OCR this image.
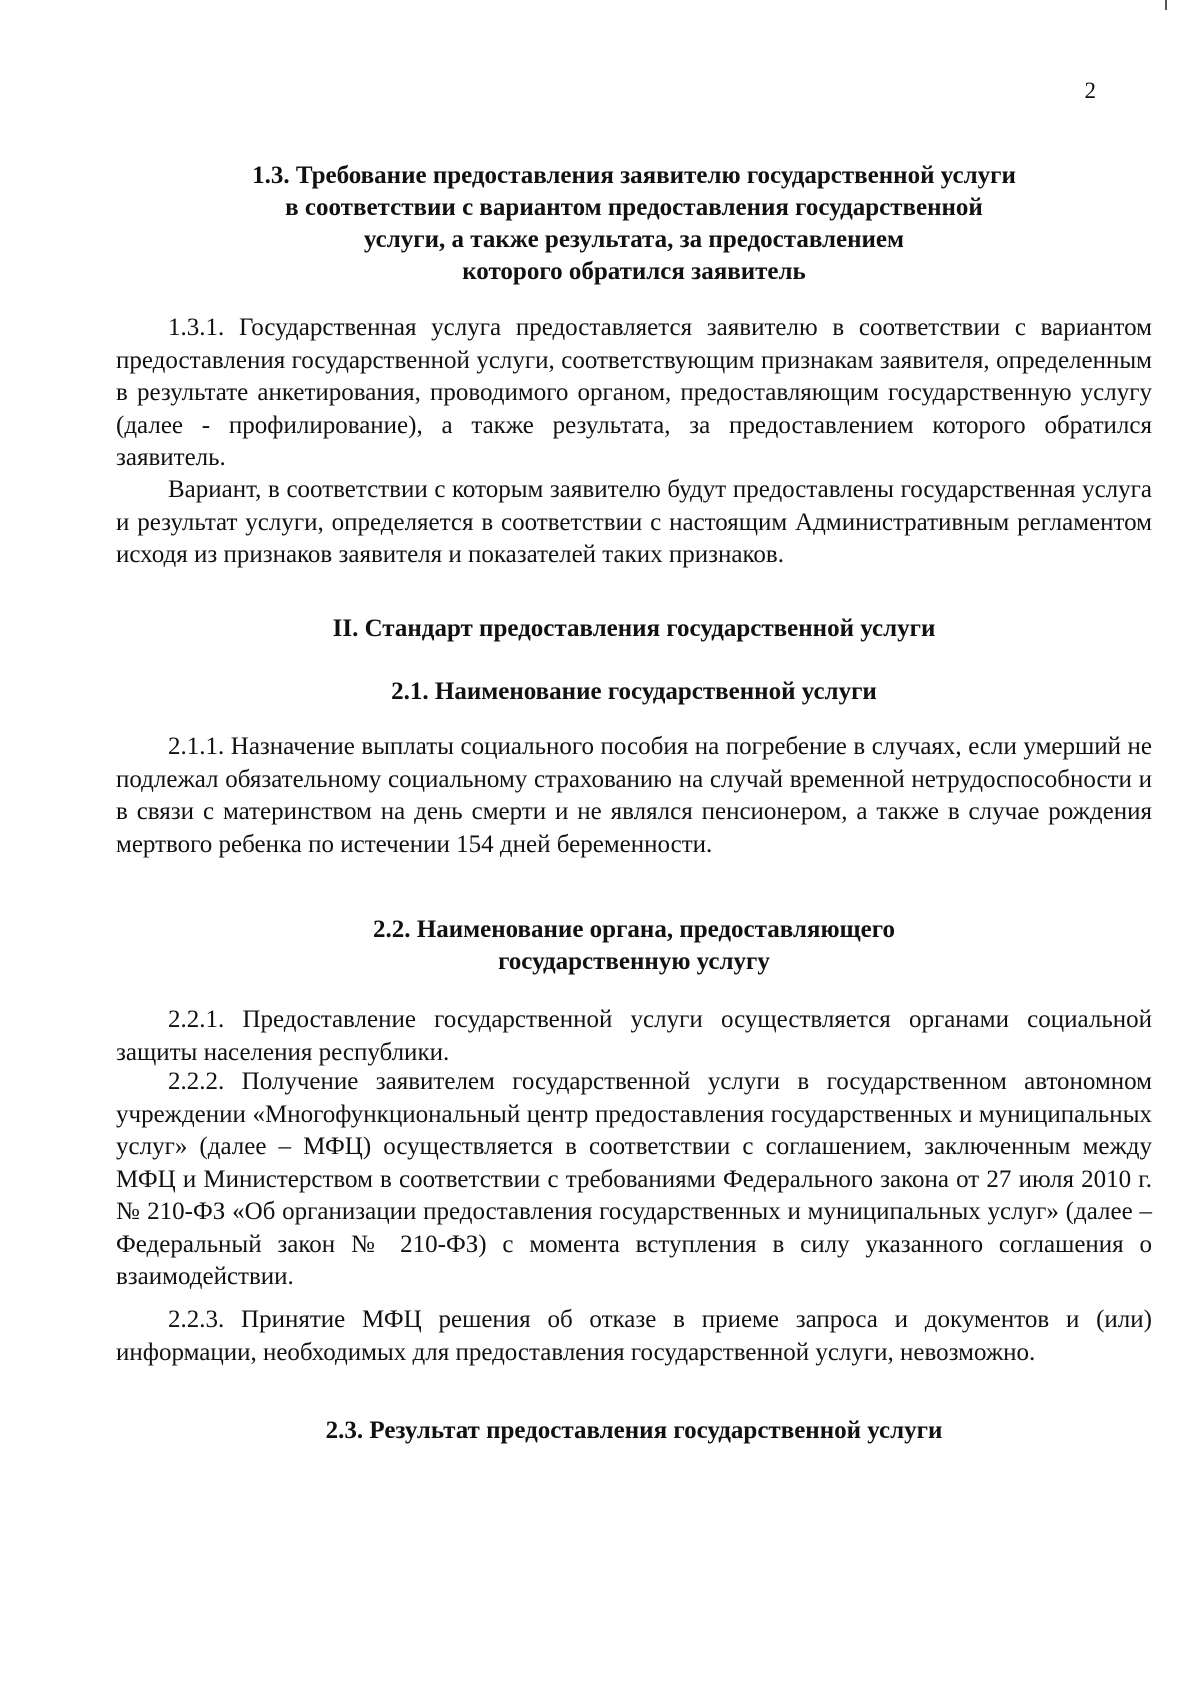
2
1.3. Требование предоставления заявителю государственной услуги
в соответствии с вариантом предоставления государственной
услуги, а также результата, за предоставлением
которого обратился заявитель

1.3.1. Государственная услуга предоставляется заявителю в соответствии с вариантом предоставления государственной услуги, соответствующим признакам заявителя, определенным в результате анкетирования, проводимого органом, предоставляющим государственную услугу (далее - профилирование), а также результата, за предоставлением которого обратился заявитель.

Вариант, в соответствии с которым заявителю будут предоставлены государственная услуга и результат услуги, определяется в соответствии с настоящим Административным регламентом исходя из признаков заявителя и показателей таких признаков.

II. Стандарт предоставления государственной услуги
2.1. Наименование государственной услуги

2.1.1. Назначение выплаты социального пособия на погребение в случаях, если умерший не подлежал обязательному социальному страхованию на случай временной нетрудоспособности и в связи с материнством на день смерти и не являлся пенсионером, а также в случае рождения мертвого ребенка по истечении 154 дней беременности.

2.2. Наименование органа, предоставляющего
государственную услугу

2.2.1. Предоставление государственной услуги осуществляется органами социальной защиты населения республики.

2.2.2. Получение заявителем государственной услуги в государственном автономном учреждении «Многофункциональный центр предоставления государственных и муниципальных услуг» (далее – МФЦ) осуществляется в соответствии с соглашением, заключенным между МФЦ и Министерством в соответствии с требованиями Федерального закона от 27 июля 2010 г. № 210-ФЗ «Об организации предоставления государственных и муниципальных услуг» (далее – Федеральный закон № 210-ФЗ) с момента вступления в силу указанного соглашения о взаимодействии.

2.2.3. Принятие МФЦ решения об отказе в приеме запроса и документов и (или) информации, необходимых для предоставления государственной услуги, невозможно.

2.3. Результат предоставления государственной услуги
